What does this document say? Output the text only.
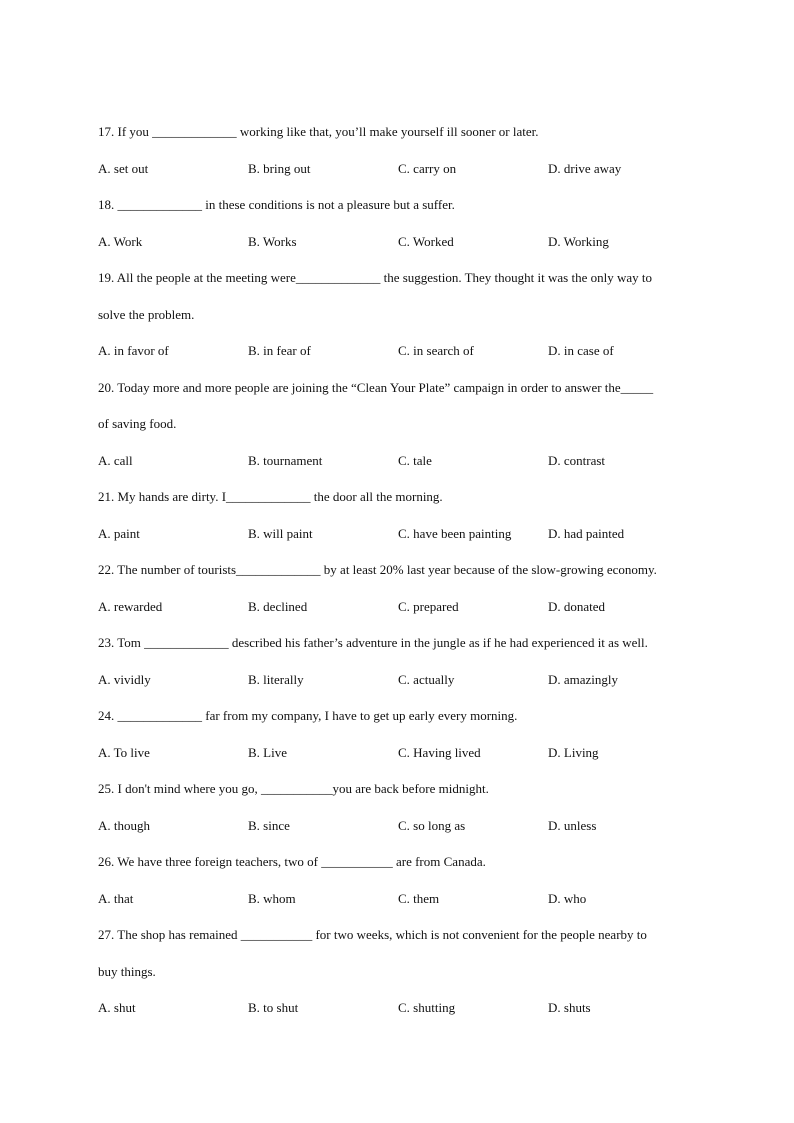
17. If you _____________ working like that, you’ll make yourself ill sooner or later.
A. set out	B. bring out	C. carry on	D. drive away
18. _____________ in these conditions is not a pleasure but a suffer.
A. Work	B. Works	C. Worked	D. Working
19. All the people at the meeting were_____________ the suggestion. They thought it was the only way to
solve the problem.
A. in favor of	B. in fear of	C. in search of	D. in case of
20. Today more and more people are joining the “Clean Your Plate” campaign in order to answer the_____
of saving food.
A. call	B. tournament	C. tale	D. contrast
21. My hands are dirty. I_____________ the door all the morning.
A. paint	B. will paint	C. have been painting	D. had painted
22. The number of tourists_____________ by at least 20% last year because of the slow-growing economy.
A. rewarded	B. declined	C. prepared	D. donated
23. Tom _____________ described his father’s adventure in the jungle as if he had experienced it as well.
A. vividly	B. literally	C. actually	D. amazingly
24. _____________ far from my company, I have to get up early every morning.
A. To live	B. Live	C. Having lived	D. Living
25. I don't mind where you go, ___________you are back before midnight.
A. though	B. since	C. so long as	D. unless
26. We have three foreign teachers, two of ___________ are from Canada.
A. that	B. whom	C. them	D. who
27. The shop has remained ___________ for two weeks, which is not convenient for the people nearby to
buy things.
A. shut	B. to shut	C. shutting	D. shuts
